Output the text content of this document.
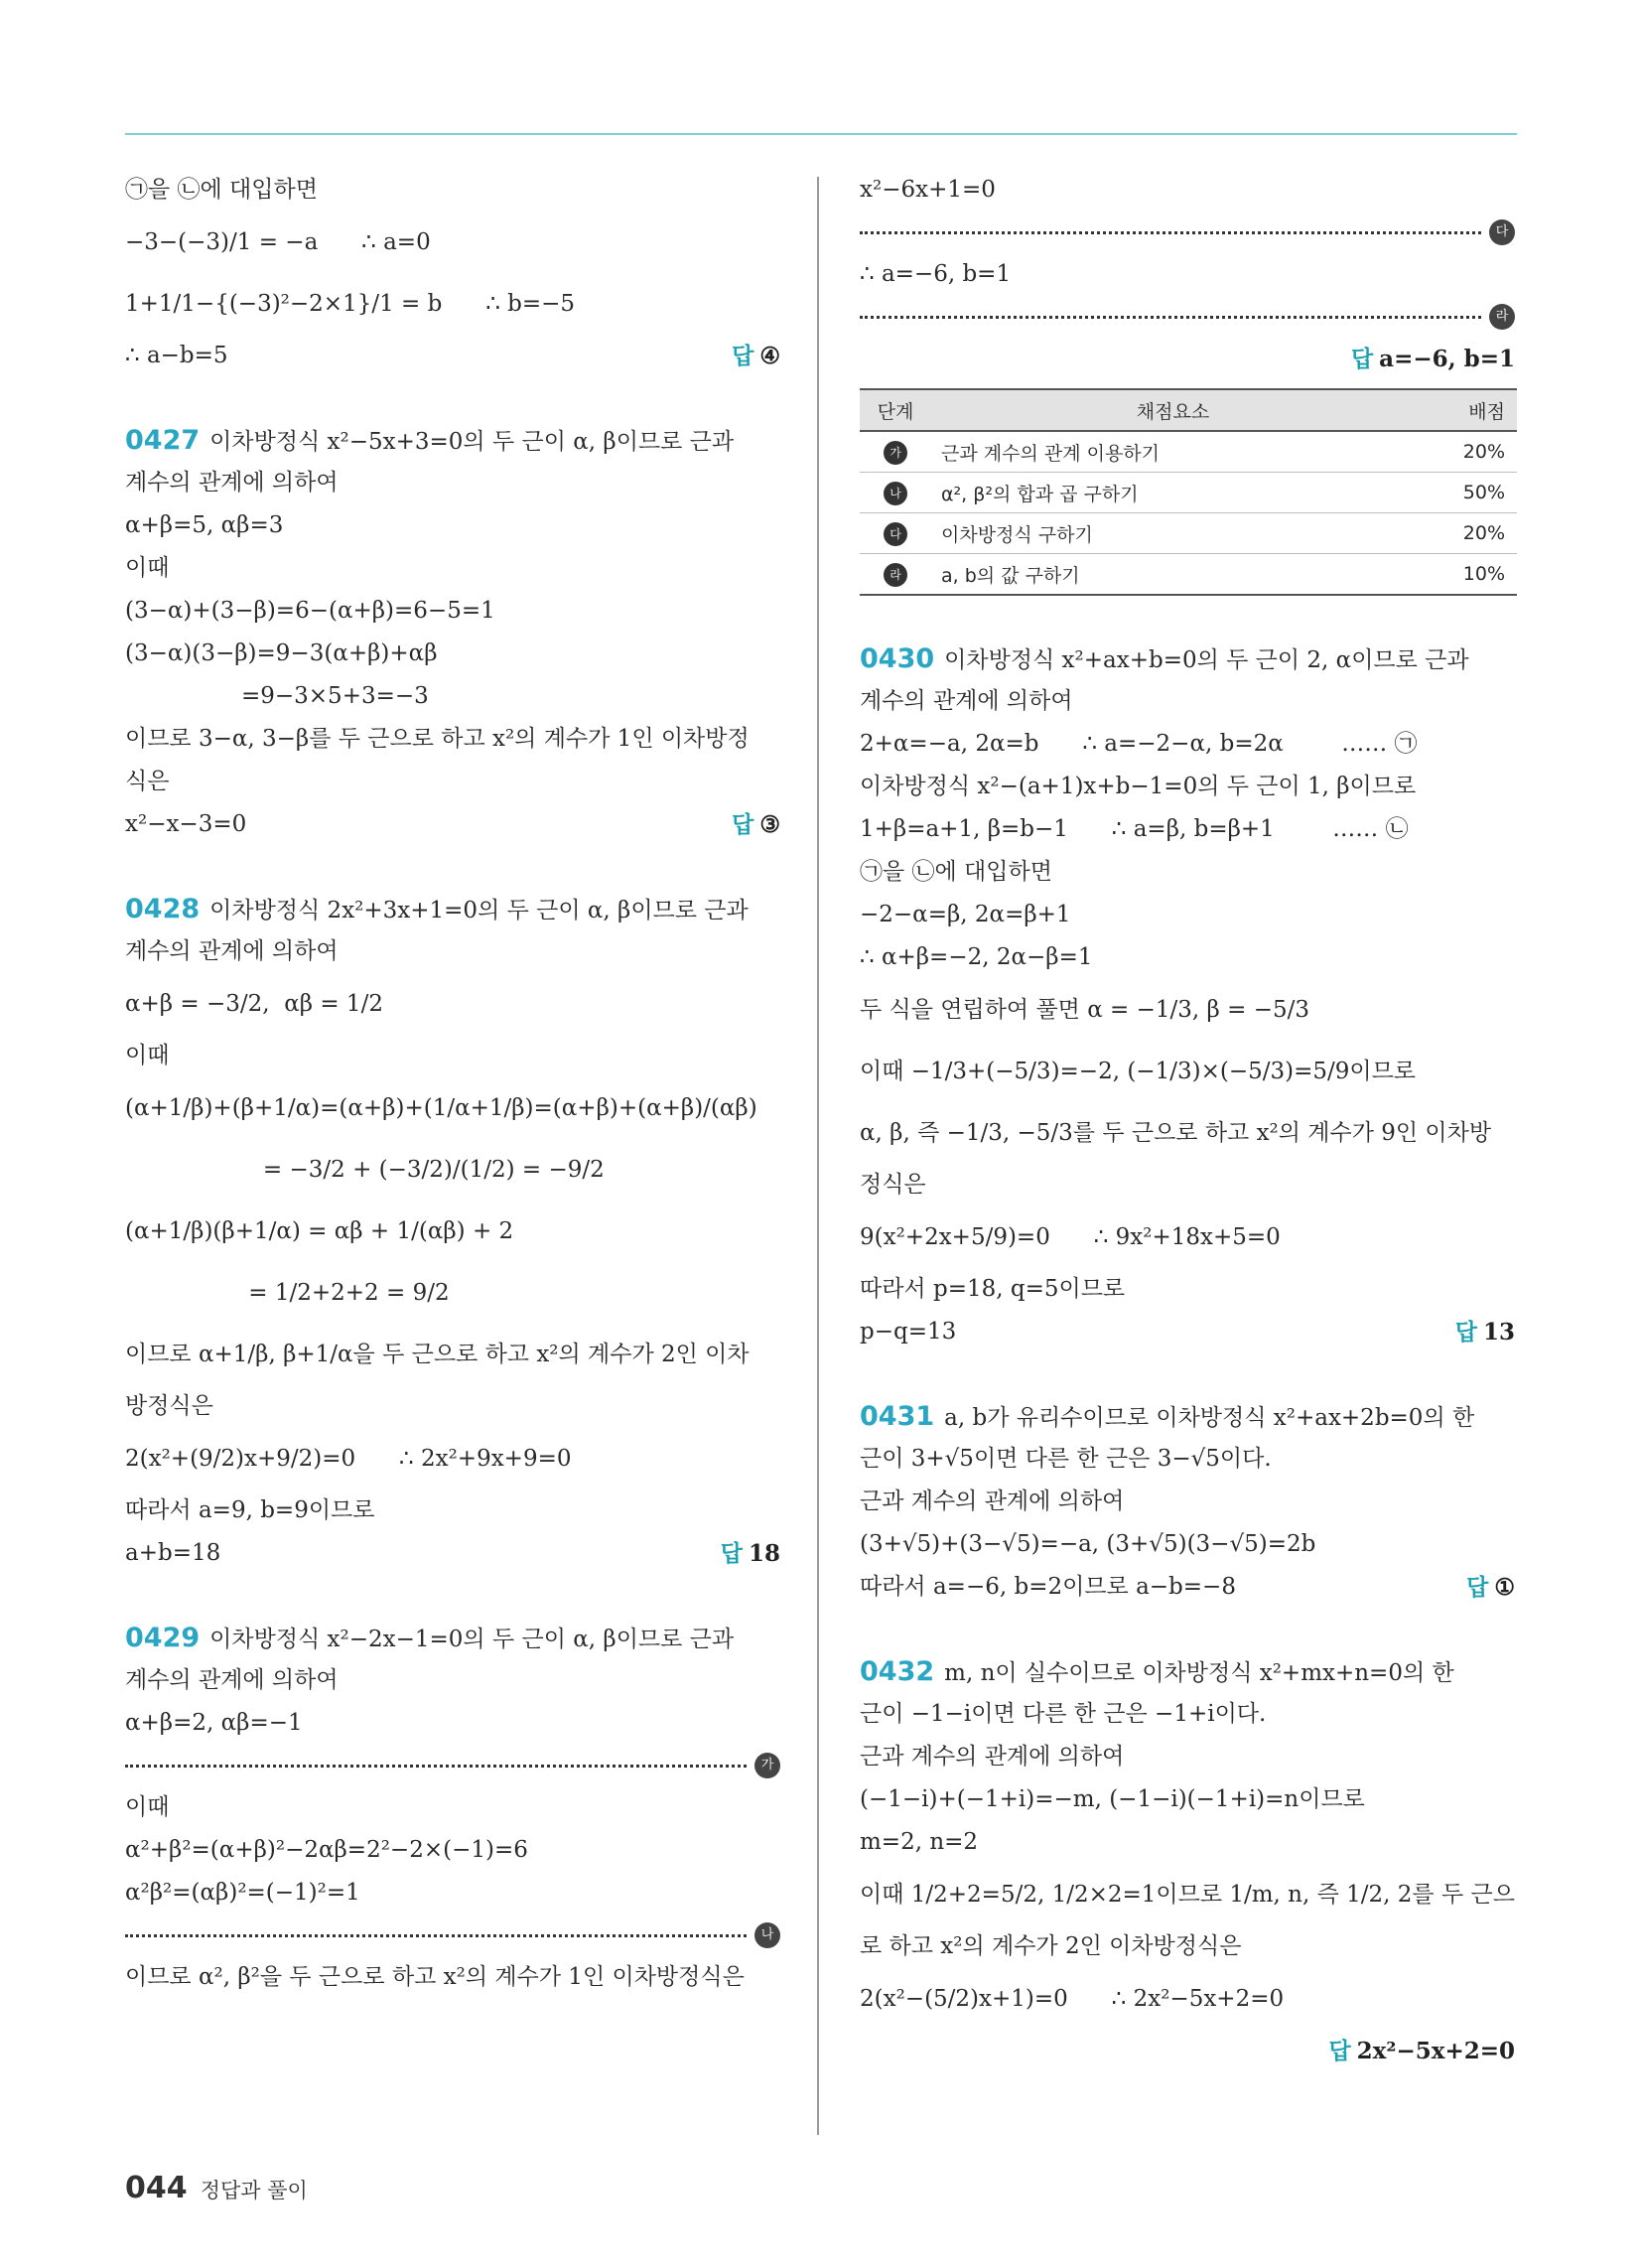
㉠을 ㉡에 대입하면
−3−(−3)/1 = −a      ∴ a=0
1+1/1−{(−3)²−2×1}/1 = b      ∴ b=−5
∴ a−b=5	답 ④
0427 이차방정식 x²−5x+3=0의 두 근이 α, β이므로 근과
계수의 관계에 의하여
α+β=5, αβ=3
이때
(3−α)+(3−β)=6−(α+β)=6−5=1
(3−α)(3−β)=9−3(α+β)+αβ
=9−3×5+3=−3
이므로 3−α, 3−β를 두 근으로 하고 x²의 계수가 1인 이차방정
식은
x²−x−3=0	답 ③
0428 이차방정식 2x²+3x+1=0의 두 근이 α, β이므로 근과
계수의 관계에 의하여
α+β = −3/2,  αβ = 1/2
이때
(α+1/β)+(β+1/α)=(α+β)+(1/α+1/β)=(α+β)+(α+β)/(αβ)
= −3/2 + (−3/2)/(1/2) = −9/2
(α+1/β)(β+1/α) = αβ + 1/(αβ) + 2
= 1/2+2+2 = 9/2
이므로 α+1/β, β+1/α을 두 근으로 하고 x²의 계수가 2인 이차
방정식은
2(x²+(9/2)x+9/2)=0      ∴ 2x²+9x+9=0
따라서 a=9, b=9이므로
a+b=18	답 18
0429 이차방정식 x²−2x−1=0의 두 근이 α, β이므로 근과
계수의 관계에 의하여
α+β=2, αβ=−1
가
이때
α²+β²=(α+β)²−2αβ=2²−2×(−1)=6
α²β²=(αβ)²=(−1)²=1
나
이므로 α², β²을 두 근으로 하고 x²의 계수가 1인 이차방정식은
x²−6x+1=0
다
∴ a=−6, b=1
라
답 a=−6, b=1
단계	채점요소	배점
가	근과 계수의 관계 이용하기	20%
나	α², β²의 합과 곱 구하기	50%
다	이차방정식 구하기	20%
라	a, b의 값 구하기	10%
0430 이차방정식 x²+ax+b=0의 두 근이 2, α이므로 근과
계수의 관계에 의하여
2+α=−a, 2α=b      ∴ a=−2−α, b=2α        …… ㉠
이차방정식 x²−(a+1)x+b−1=0의 두 근이 1, β이므로
1+β=a+1, β=b−1      ∴ a=β, b=β+1        …… ㉡
㉠을 ㉡에 대입하면
−2−α=β, 2α=β+1
∴ α+β=−2, 2α−β=1
두 식을 연립하여 풀면 α = −1/3, β = −5/3
이때 −1/3+(−5/3)=−2, (−1/3)×(−5/3)=5/9이므로
α, β, 즉 −1/3, −5/3를 두 근으로 하고 x²의 계수가 9인 이차방
정식은
9(x²+2x+5/9)=0      ∴ 9x²+18x+5=0
따라서 p=18, q=5이므로
p−q=13	답 13
0431 a, b가 유리수이므로 이차방정식 x²+ax+2b=0의 한
근이 3+√5이면 다른 한 근은 3−√5이다.
근과 계수의 관계에 의하여
(3+√5)+(3−√5)=−a, (3+√5)(3−√5)=2b
따라서 a=−6, b=2이므로 a−b=−8	답 ①
0432 m, n이 실수이므로 이차방정식 x²+mx+n=0의 한
근이 −1−i이면 다른 한 근은 −1+i이다.
근과 계수의 관계에 의하여
(−1−i)+(−1+i)=−m, (−1−i)(−1+i)=n이므로
m=2, n=2
이때 1/2+2=5/2, 1/2×2=1이므로 1/m, n, 즉 1/2, 2를 두 근으
로 하고 x²의 계수가 2인 이차방정식은
2(x²−(5/2)x+1)=0      ∴ 2x²−5x+2=0
답 2x²−5x+2=0
044 정답과 풀이
